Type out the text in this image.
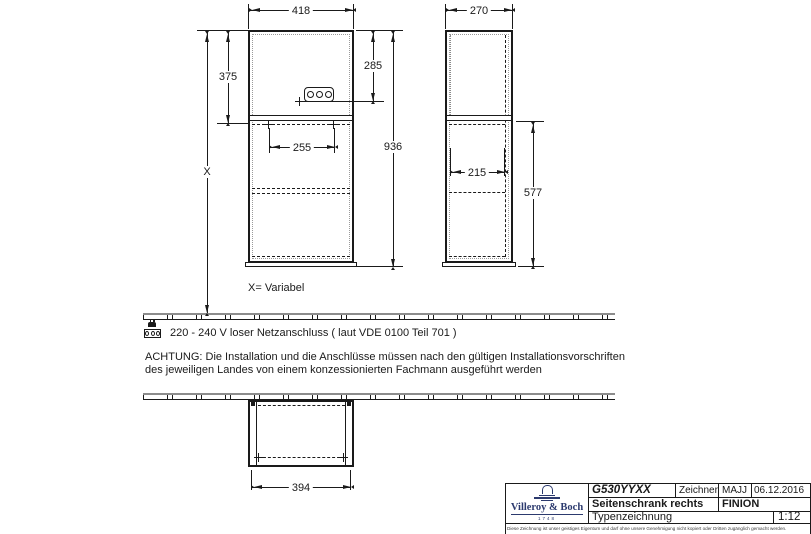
418
X
375
285
936
255
270
215
577
394
X= Variabel
220 - 240 V loser Netzanschluss ( laut VDE 0100 Teil 701 )
ACHTUNG: Die Installation und die Anschlüsse müssen nach den gültigen Installationsvorschriften
des jeweiligen Landes von einem konzessionierten Fachmann ausgeführt werden
Villeroy & Boch
1748
G530YYXX	Zeichner MAJJ 06.12.2016
Seitenschrank rechts FINION
Typenzeichnung	1:12
Diese Zeichnung ist unser geistiges Eigentum und darf ohne unsere Genehmigung nicht kopiert oder Dritten zugänglich gemacht werden.
